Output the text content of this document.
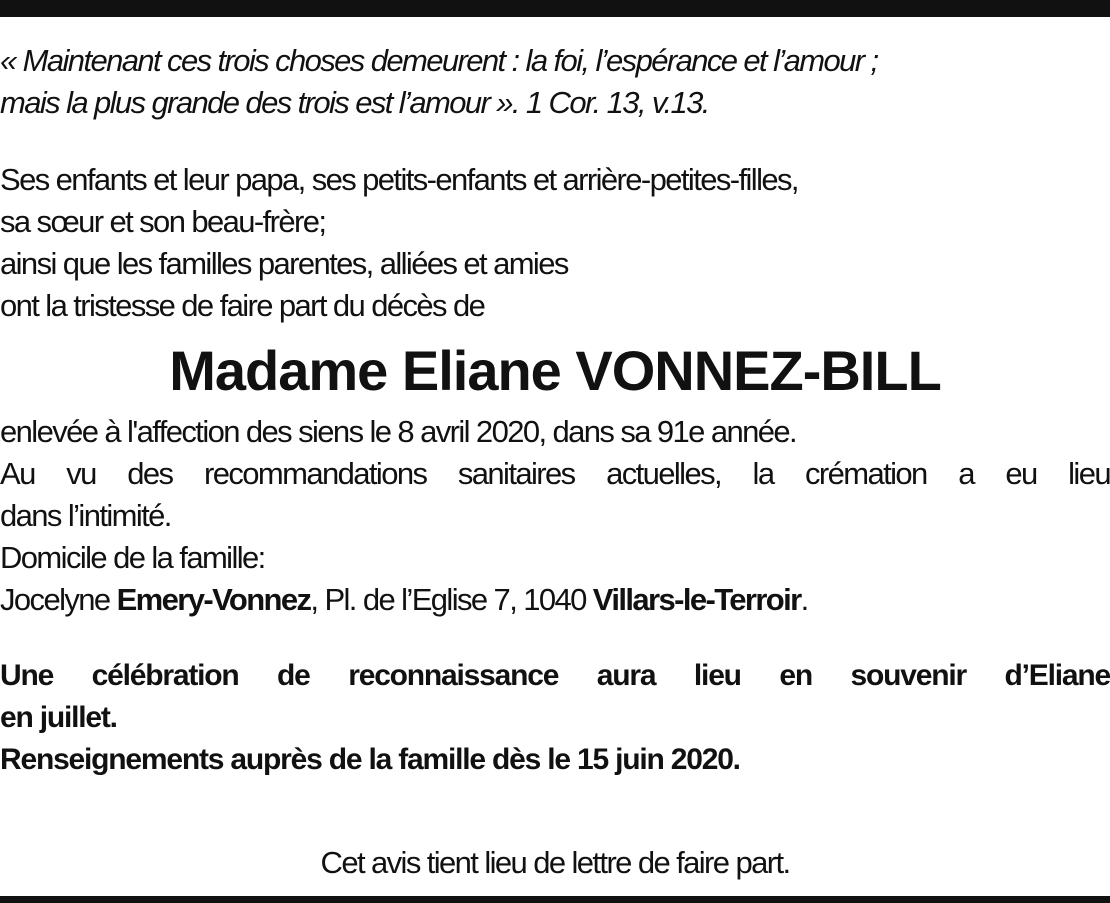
« Maintenant ces trois choses demeurent : la foi, l’espérance et l’amour ;
mais la plus grande des trois est l’amour ». 1 Cor. 13, v.13.
Ses enfants et leur papa, ses petits-enfants et arrière-petites-filles,
sa sœur et son beau-frère;
ainsi que les familles parentes, alliées et amies
ont la tristesse de faire part du décès de
Madame Eliane VONNEZ-BILL
enlevée à l'affection des siens le 8 avril 2020, dans sa 91e année.
Au vu des recommandations sanitaires actuelles, la crémation a eu lieu
dans l’intimité.
Domicile de la famille:
Jocelyne Emery-Vonnez, Pl. de l’Eglise 7, 1040 Villars-le-Terroir.
Une célébration de reconnaissance aura lieu en souvenir d’Eliane
en juillet.
Renseignements auprès de la famille dès le 15 juin 2020.
Cet avis tient lieu de lettre de faire part.
